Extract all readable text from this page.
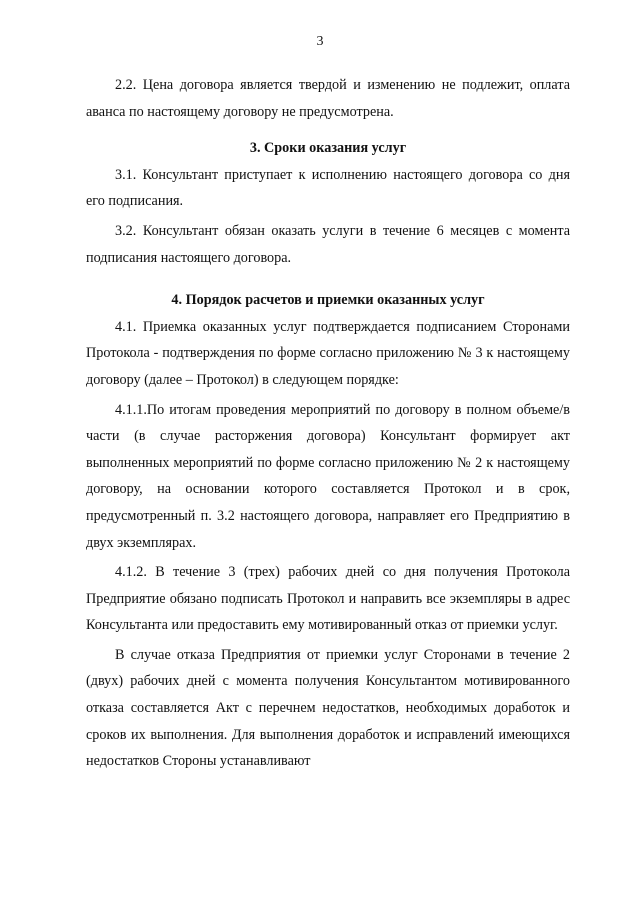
3

2.2. Цена договора является твердой и изменению не подлежит, оплата аванса по настоящему договору не предусмотрена.

3. Сроки оказания услуг

3.1. Консультант приступает к исполнению настоящего договора со дня его подписания.

3.2. Консультант обязан оказать услуги в течение 6 месяцев с момента подписания настоящего договора.

4. Порядок расчетов и приемки оказанных услуг

4.1. Приемка оказанных услуг подтверждается подписанием Сторонами Протокола - подтверждения по форме согласно приложению № 3 к настоящему договору (далее – Протокол) в следующем порядке:

4.1.1.По итогам проведения мероприятий по договору в полном объеме/в части (в случае расторжения договора) Консультант формирует акт выполненных мероприятий по форме согласно приложению № 2 к настоящему договору, на основании которого составляется Протокол и в срок, предусмотренный п. 3.2 настоящего договора, направляет его Предприятию в двух экземплярах.

4.1.2. В течение 3 (трех) рабочих дней со дня получения Протокола Предприятие обязано подписать Протокол и направить все экземпляры в адрес Консультанта или предоставить ему мотивированный отказ от приемки услуг.

В случае отказа Предприятия от приемки услуг Сторонами в течение 2 (двух) рабочих дней с момента получения Консультантом мотивированного отказа составляется Акт с перечнем недостатков, необходимых доработок и сроков их выполнения. Для выполнения доработок и исправлений имеющихся недостатков Стороны устанавливают
